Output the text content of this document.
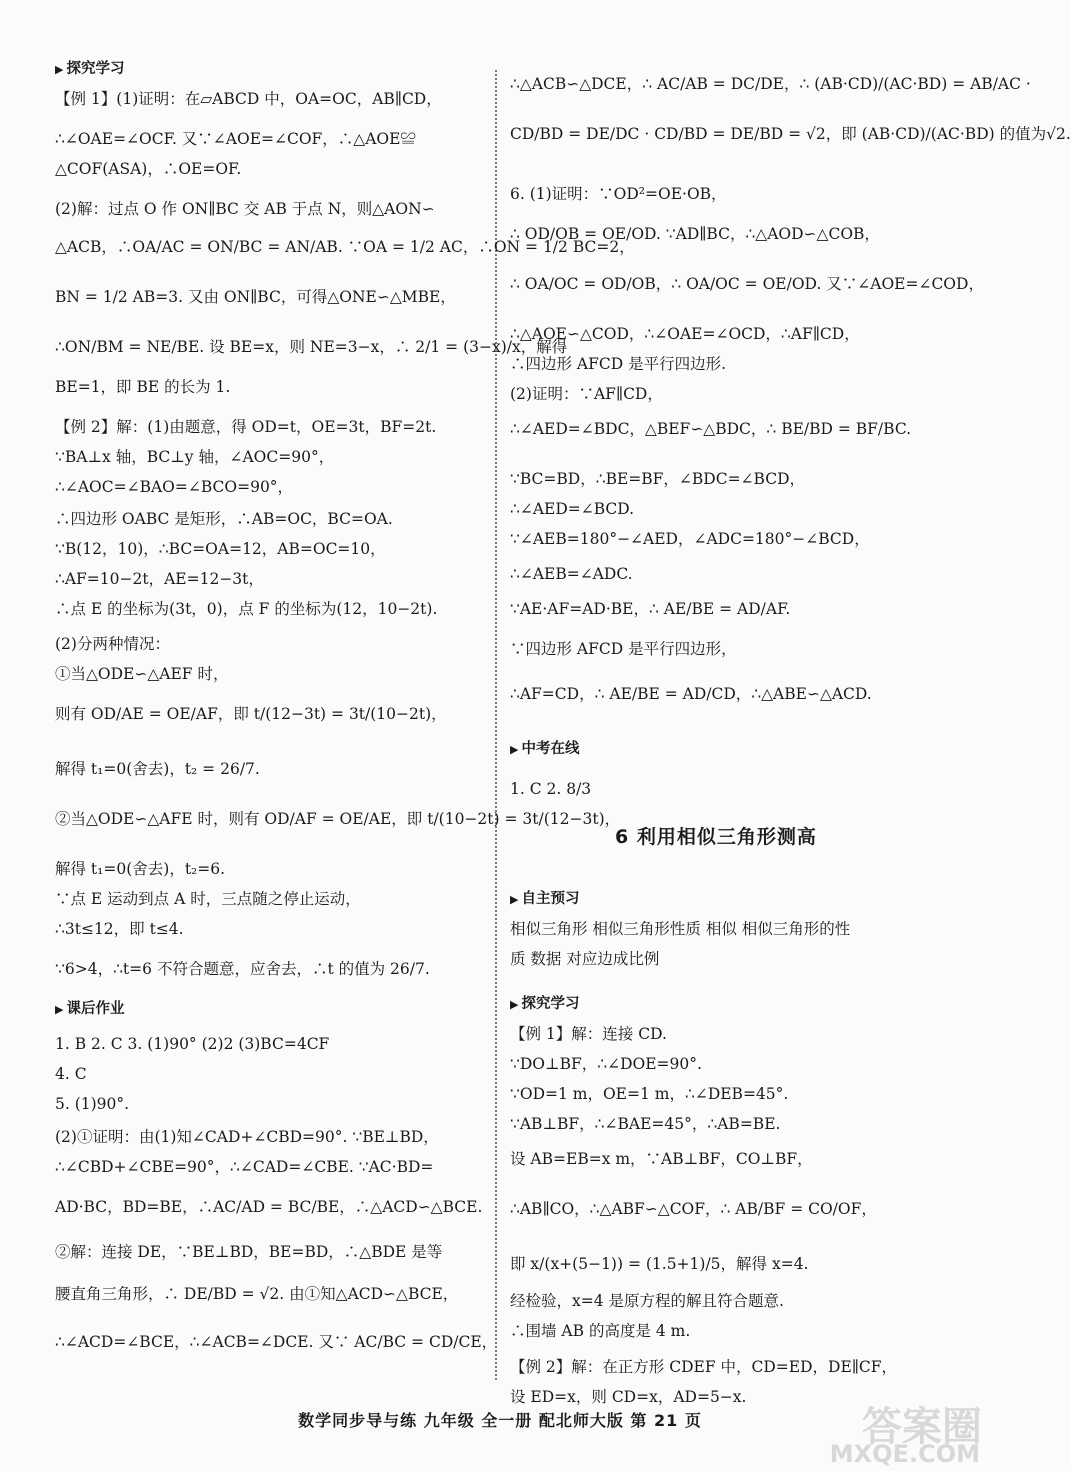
▶ 探究学习
【例 1】(1)证明：在▱ABCD 中，OA=OC，AB∥CD，
∴∠OAE=∠OCF. 又∵∠AOE=∠COF，∴△AOE≌
△COF(ASA)，∴OE=OF.
(2)解：过点 O 作 ON∥BC 交 AB 于点 N，则△AON∽
△ACB，∴OA/AC = ON/BC = AN/AB. ∵OA = 1/2 AC，∴ON = 1/2 BC=2，
BN = 1/2 AB=3. 又由 ON∥BC，可得△ONE∽△MBE，
∴ON/BM = NE/BE. 设 BE=x，则 NE=3−x，∴ 2/1 = (3−x)/x，解得
BE=1，即 BE 的长为 1.
【例 2】解：(1)由题意，得 OD=t，OE=3t，BF=2t.
∵BA⊥x 轴，BC⊥y 轴，∠AOC=90°，
∴∠AOC=∠BAO=∠BCO=90°，
∴四边形 OABC 是矩形，∴AB=OC，BC=OA.
∵B(12，10)，∴BC=OA=12，AB=OC=10，
∴AF=10−2t，AE=12−3t，
∴点 E 的坐标为(3t，0)，点 F 的坐标为(12，10−2t).
(2)分两种情况：
①当△ODE∽△AEF 时，
则有 OD/AE = OE/AF，即 t/(12−3t) = 3t/(10−2t)，
解得 t₁=0(舍去)，t₂ = 26/7.
②当△ODE∽△AFE 时，则有 OD/AF = OE/AE，即 t/(10−2t) = 3t/(12−3t)，
解得 t₁=0(舍去)，t₂=6.
∵点 E 运动到点 A 时，三点随之停止运动，
∴3t≤12，即 t≤4.
∵6>4，∴t=6 不符合题意，应舍去，∴t 的值为 26/7.
▶ 课后作业
1. B 2. C 3. (1)90° (2)2 (3)BC=4CF
4. C
5. (1)90°.
(2)①证明：由(1)知∠CAD+∠CBD=90°. ∵BE⊥BD，
∴∠CBD+∠CBE=90°，∴∠CAD=∠CBE. ∵AC·BD=
AD·BC，BD=BE，∴AC/AD = BC/BE，∴△ACD∽△BCE.
②解：连接 DE，∵BE⊥BD，BE=BD，∴△BDE 是等
腰直角三角形，∴ DE/BD = √2. 由①知△ACD∽△BCE，
∴∠ACD=∠BCE，∴∠ACB=∠DCE. 又∵ AC/BC = CD/CE，
∴△ACB∽△DCE，∴ AC/AB = DC/DE，∴ (AB·CD)/(AC·BD) = AB/AC ·
CD/BD = DE/DC · CD/BD = DE/BD = √2，即 (AB·CD)/(AC·BD) 的值为√2.
6. (1)证明：∵OD²=OE·OB，
∴ OD/OB = OE/OD. ∵AD∥BC，∴△AOD∽△COB，
∴ OA/OC = OD/OB，∴ OA/OC = OE/OD. 又∵∠AOE=∠COD，
∴△AOE∽△COD，∴∠OAE=∠OCD，∴AF∥CD，
∴四边形 AFCD 是平行四边形.
(2)证明：∵AF∥CD，
∴∠AED=∠BDC，△BEF∽△BDC，∴ BE/BD = BF/BC.
∵BC=BD，∴BE=BF，∠BDC=∠BCD，
∴∠AED=∠BCD.
∵∠AEB=180°−∠AED，∠ADC=180°−∠BCD，
∴∠AEB=∠ADC.
∵AE·AF=AD·BE，∴ AE/BE = AD/AF.
∵四边形 AFCD 是平行四边形，
∴AF=CD，∴ AE/BE = AD/CD，∴△ABE∽△ACD.
▶ 中考在线
1. C 2. 8/3
▶ 自主预习
相似三角形 相似三角形性质 相似 相似三角形的性
质 数据 对应边成比例
▶ 探究学习
【例 1】解：连接 CD.
∵DO⊥BF，∴∠DOE=90°.
∵OD=1 m，OE=1 m，∴∠DEB=45°.
∵AB⊥BF，∴∠BAE=45°，∴AB=BE.
设 AB=EB=x m，∵AB⊥BF，CO⊥BF，
∴AB∥CO，∴△ABF∽△COF，∴ AB/BF = CO/OF，
即 x/(x+(5−1)) = (1.5+1)/5，解得 x=4.
经检验，x=4 是原方程的解且符合题意.
∴围墙 AB 的高度是 4 m.
【例 2】解：在正方形 CDEF 中，CD=ED，DE∥CF，
设 ED=x，则 CD=x，AD=5−x.
6 利用相似三角形测高
数学同步导与练 九年级 全一册 配北师大版 第 21 页	答案圈
MXQE.COM
